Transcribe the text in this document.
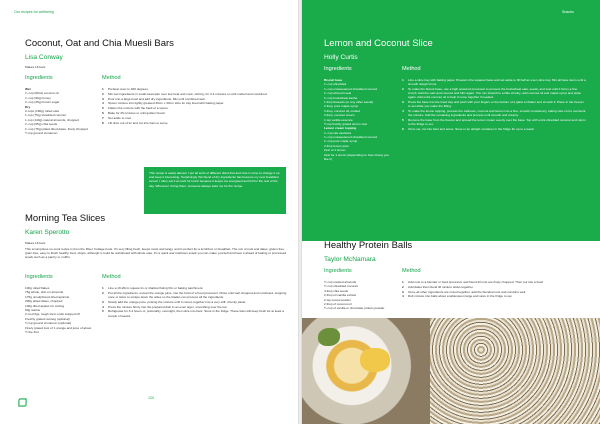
Our recipes for wellbeing
Coconut, Oat and Chia Muesli Bars
Lisa Conway
Makes 16 bars
Ingredients	Method
Wet
¼ cup (60ml) coconut oil
¼ cup (90g) honey
¼ cup (45g) brown sugar
Dry
2 cups (180g) rolled oats
1 cup (75g) shredded coconut
1 cup (140g) natural almonds, chopped
¼ cup (65g) chia seeds
¼ cup (75g) pitted dried dates, finely chopped
½ tsp ground cinnamon
1 Preheat oven to 180 degrees.
2 Mix wet ingredients in small saucepan over low heat and cook, stirring, for 3-4 minutes or until melted and combined.
3 Pour into a large bowl and add dry ingredients. Mix until combined well.
4 Spoon mixture into lightly greased 20cm x 30cm slice tin tray lined with baking paper.
5 Flatten the mixture with the back of a spoon.
6 Bake for 25 minutes or until golden brown.
7 Set aside to cool.
8 Lift slice out of tin and cut into bars to serve.
This recipe is easily altered. I put all sorts of different dried fruit and nuts in mine to change it up and keep it interesting. Surprisingly this blend of dry ingredients has become my new breakfast cereal. I often eat it at work for lunch because it keeps me energised and full for the rest of the day. Wherever I bring them, someone always asks me for the recipe.
Morning Tea Slices
Karen Sperotto
Makes 16 bars
This scrumptious no-cook recipe is from the River Cottage book. It's very filling fresh, keeps moist and tangy, and is perfect for a lunchbox or breakfast. The mix of nuts and dates, gluten free, grain-free, easy to finish healthy food, shops, although it could be substituted with whole oats. It's a quick and nutritious snack you can make yourself and have it ahead of baking or processed snack such as a pantry or muffin.
Ingredients	Method
100g rolled flakes
75g whole, skin on almonds
175g unsulphured dried apricots
200g pitted dates, chopped
100g dried apples for cutting
60g raisins
2 med figs, tough stem ends snipped off
Freshly grated nutmeg (optional)
½ tsp ground cinnamon (optional)
Finely grated zest of 1 orange and juice of about ½ the fruit
1 Line a 19-20cm square tin or shallow fluting film or baking parchment.
2 Put all the ingredients, except the orange juice, into the bowl of a food processor. Pulse until well chopped and combined, stopping once or twice to scrape down the sides so the blades can process all the ingredients.
3 Slowly add the orange juice, pulsing the mixture until it comes together into a very stiff, chunky paste.
4 Press the mixture firmly into the prepared dish in an even layer, smoothing over the top.
5 Refrigerate for 3-4 hours or, preferably, overnight, then slice into bars. Store in the fridge. These bars will keep fresh for at least a couple of weeks.
120
Snacks
Lemon and Coconut Slice
Holly Curtis
Ingredients	Method
Biscuit base
¾ cup shredded
¾ cup unsweetened shredded coconut
¼ cup almond meal
¼ cup buckwheat kasha
1 tbsp linseeds (or any other seeds)
2 tbsp, pure maple syrup
3 tbsp, coconut oil, melted
3 tbsp, coconut cream
1 tsp vanilla essence
½ tsp freshly grated lemon zest
Lemon cream topping
¾ cup raw cashews
¾ cup unsweetened shredded coconut
¼ cup pure maple syrup
2 tbsp lemon juice
Zest of 1 lemon
Zest for 1 lemon (depending on how strong you like it)
1 Line a slice tray with baking paper. Prewarm the squared base and set aside to fill half an even slice tray. Mix all base items until a smooth dough forms.
2 To make the biscuit base, use a high powered processor to process the buckwheat oats, seeds, and zest until it forms a fine crumb. Add the oats and coconut and blitz again. The mix should be a little chunky; add coconut oil and maple syrup and pulse again. Add extra coconut oil to help it come together if needed.
3 Press the base into the lined tray and push with your fingers or the bottom of a glass to flatten and smooth it. Place in the freezer to set while you make the filling.
4 To make the lemon topping, process the cashews, coconut and lemon into a fine, smooth consistency, taking care not to overwork the mixture. Add the remaining ingredients and process until smooth and creamy.
5 Remove the base from the freezer and spread the lemon cream evenly over the base. Top with extra shredded coconut and return to the fridge to set.
6 Once set, cut into bars and serve. Store in an airtight container in the fridge for up to a week.
Healthy Protein Balls
Taylor McNamara
Ingredients	Method
½ cup roasted almonds
½ cup shredded coconut
4 tbsp chia seeds
2 tbsp oil vanilla extract
2 tsp cocoa powder
2 tbsp of coconut oil
½ cup of vanilla or chocolate protein powder
1 Add nuts to a blender or food processor and blend till nuts are finely chopped. Then put into a bowl.
2 Add dates then blend till mixture sticks together.
3 Once all other ingredients are mixed together, add the blended nuts and combine well.
4 Roll mixture into balls about a tablespoon large and store in the fridge to set.
